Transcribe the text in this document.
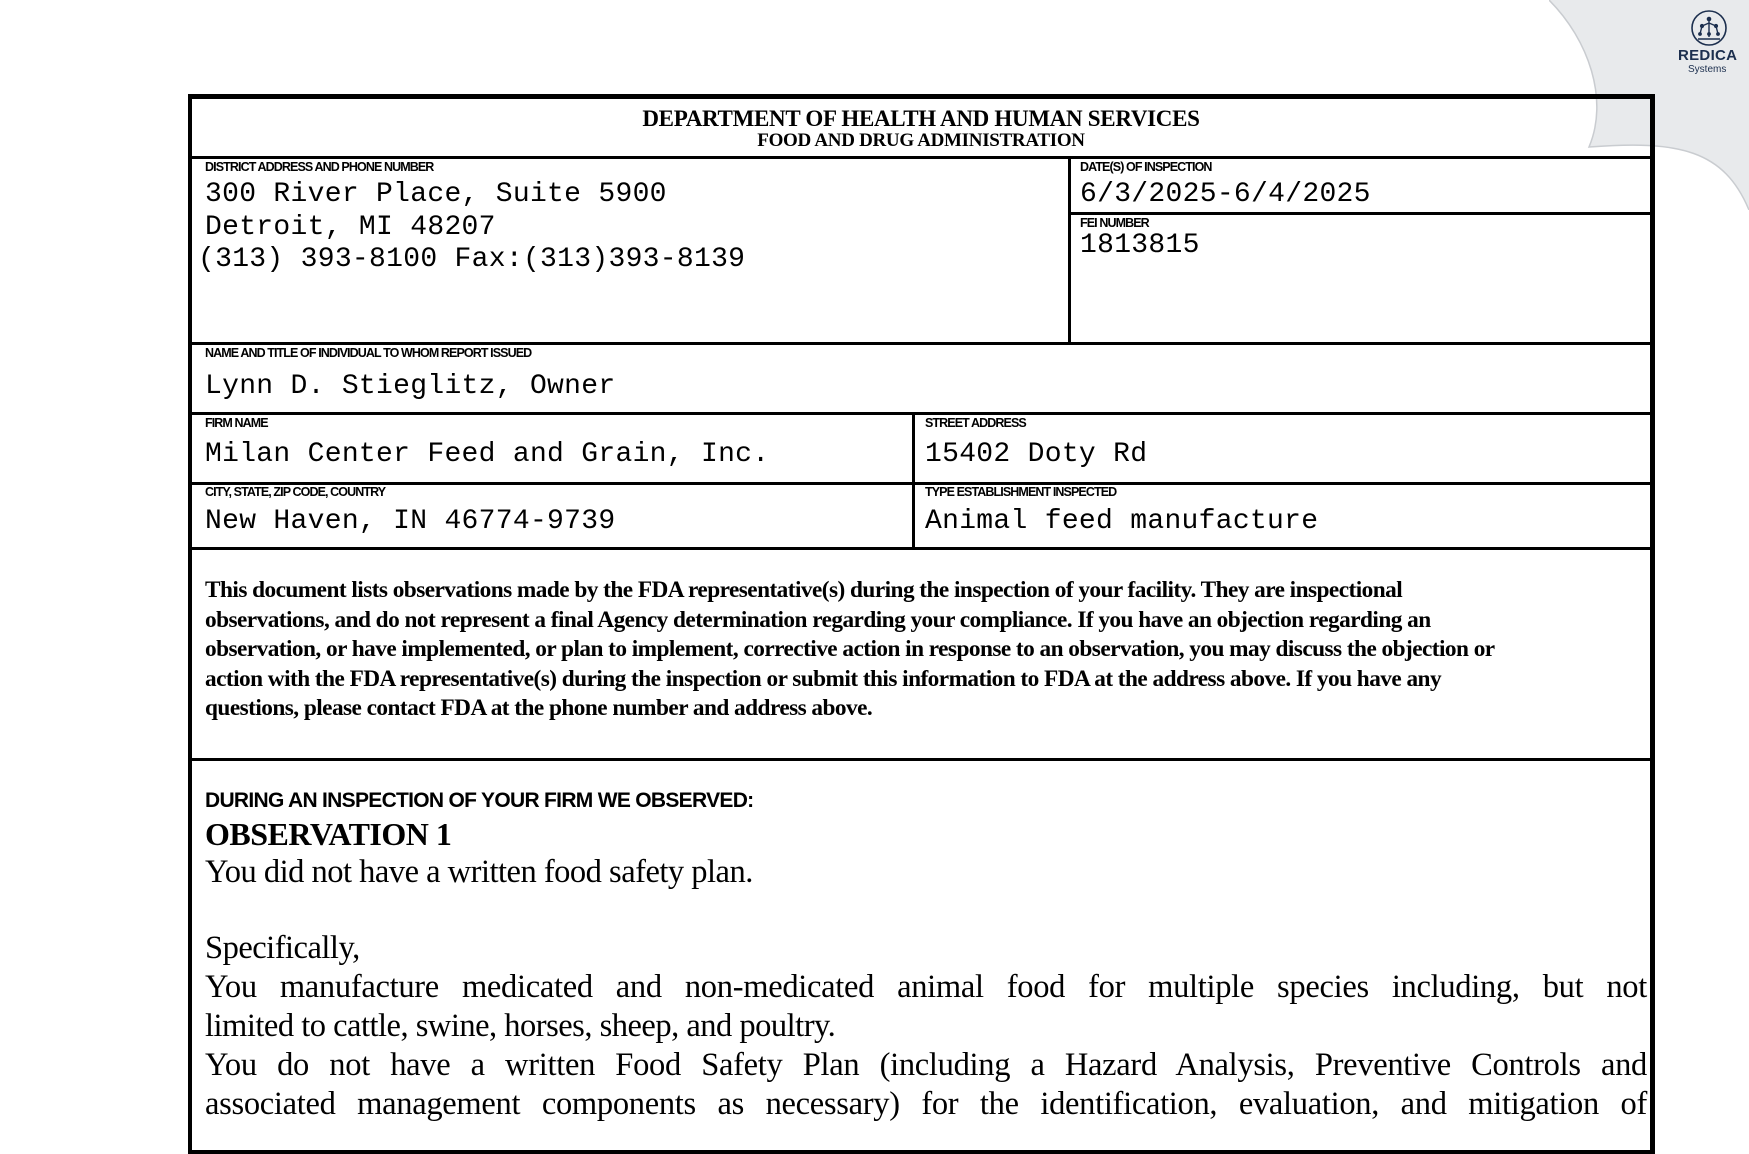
REDICA
Systems
DEPARTMENT OF HEALTH AND HUMAN SERVICES
FOOD AND DRUG ADMINISTRATION
DISTRICT ADDRESS AND PHONE NUMBER
300 River Place, Suite 5900
Detroit, MI 48207
(313) 393-8100 Fax:(313)393-8139
DATE(S) OF INSPECTION
6/3/2025-6/4/2025
FEI NUMBER
1813815
NAME AND TITLE OF INDIVIDUAL TO WHOM REPORT ISSUED
Lynn D. Stieglitz, Owner
FIRM NAME
Milan Center Feed and Grain, Inc.
STREET ADDRESS
15402 Doty Rd
CITY, STATE, ZIP CODE, COUNTRY
New Haven, IN 46774-9739
TYPE ESTABLISHMENT INSPECTED
Animal feed manufacture
This document lists observations made by the FDA representative(s) during the inspection of your facility. They are inspectional
observations, and do not represent a final Agency determination regarding your compliance. If you have an objection regarding an
observation, or have implemented, or plan to implement, corrective action in response to an observation, you may discuss the objection or
action with the FDA representative(s) during the inspection or submit this information to FDA at the address above. If you have any
questions, please contact FDA at the phone number and address above.
DURING AN INSPECTION OF YOUR FIRM WE OBSERVED:
OBSERVATION 1
You did not have a written food safety plan.
Specifically,
You manufacture medicated and non-medicated animal food for multiple species including, but not
limited to cattle, swine, horses, sheep, and poultry.
You do not have a written Food Safety Plan (including a Hazard Analysis, Preventive Controls and
associated management components as necessary) for the identification, evaluation, and mitigation of
